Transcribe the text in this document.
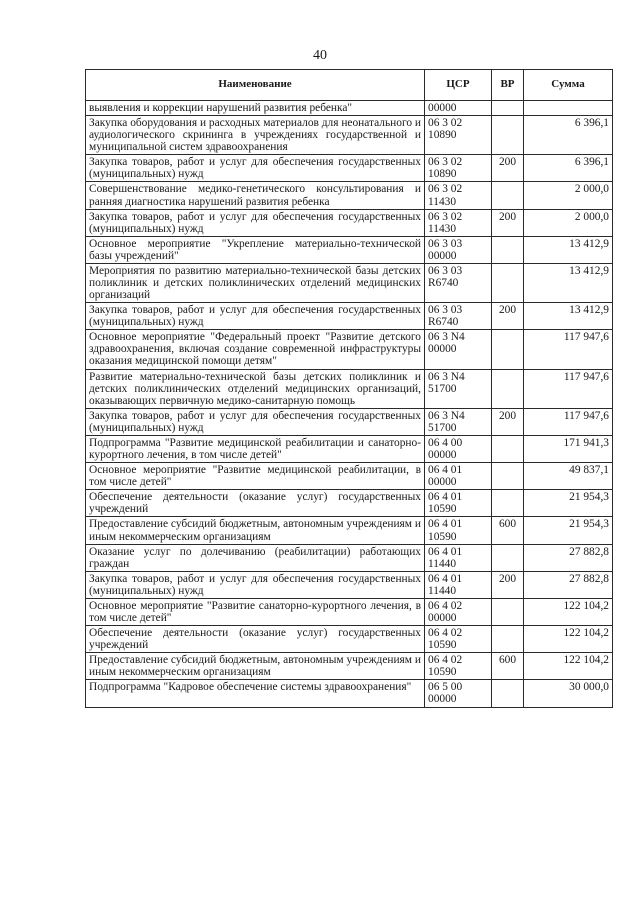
40
Наименование	ЦСР	ВР	Сумма
выявления и коррекции нарушений развития ребенка"	00000		
Закупка оборудования и расходных материалов для неонатального и аудиологического скрининга в учреждениях государственной и муниципальной систем здравоохранения	06 3 02 10890		6 396,1
Закупка товаров, работ и услуг для обеспечения государственных (муниципальных) нужд	06 3 02 10890	200	6 396,1
Совершенствование медико-генетического консультирования и ранняя диагностика нарушений развития ребенка	06 3 02 11430		2 000,0
Закупка товаров, работ и услуг для обеспечения государственных (муниципальных) нужд	06 3 02 11430	200	2 000,0
Основное мероприятие "Укрепление материально-технической базы учреждений"	06 3 03 00000		13 412,9
Мероприятия по развитию материально-технической базы детских поликлиник и детских поликлинических отделений медицинских организаций	06 3 03 R6740		13 412,9
Закупка товаров, работ и услуг для обеспечения государственных (муниципальных) нужд	06 3 03 R6740	200	13 412,9
Основное мероприятие "Федеральный проект "Развитие детского здравоохранения, включая создание современной инфраструктуры оказания медицинской помощи детям"	06 3 N4 00000		117 947,6
Развитие материально-технической базы детских поликлиник и детских поликлинических отделений медицинских организаций, оказывающих первичную медико-санитарную помощь	06 3 N4 51700		117 947,6
Закупка товаров, работ и услуг для обеспечения государственных (муниципальных) нужд	06 3 N4 51700	200	117 947,6
Подпрограмма "Развитие медицинской реабилитации и санаторно-курортного лечения, в том числе детей"	06 4 00 00000		171 941,3
Основное мероприятие "Развитие медицинской реабилитации, в том числе детей"	06 4 01 00000		49 837,1
Обеспечение деятельности (оказание услуг) государственных учреждений	06 4 01 10590		21 954,3
Предоставление субсидий бюджетным, автономным учреждениям и иным некоммерческим организациям	06 4 01 10590	600	21 954,3
Оказание услуг по долечиванию (реабилитации) работающих граждан	06 4 01 11440		27 882,8
Закупка товаров, работ и услуг для обеспечения государственных (муниципальных) нужд	06 4 01 11440	200	27 882,8
Основное мероприятие "Развитие санаторно-курортного лечения, в том числе детей"	06 4 02 00000		122 104,2
Обеспечение деятельности (оказание услуг) государственных учреждений	06 4 02 10590		122 104,2
Предоставление субсидий бюджетным, автономным учреждениям и иным некоммерческим организациям	06 4 02 10590	600	122 104,2
Подпрограмма "Кадровое обеспечение системы здравоохранения"	06 5 00 00000		30 000,0
